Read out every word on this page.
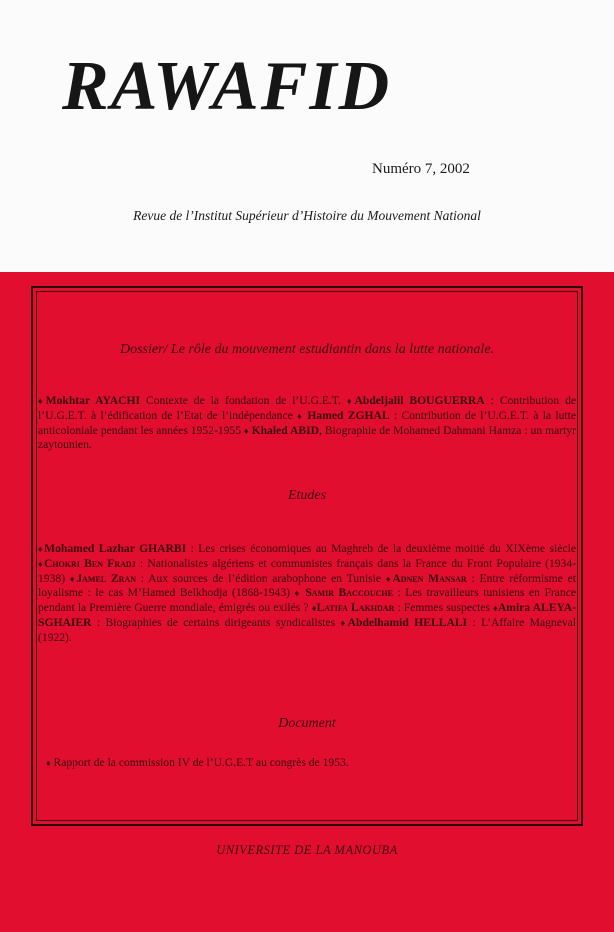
RAWAFID
Numéro 7, 2002
Revue de l’Institut Supérieur d’Histoire du Mouvement National
Dossier/ Le rôle du mouvement estudiantin dans la lutte nationale.
♦Mokhtar AYACHI Contexte de la fondation de l’U.G.E.T. ♦Abdeljalil BOUGUERRA : Contribution de l’U.G.E.T. à l’édification de l’Etat de l’indépendance ♦ Hamed ZGHAL : Contribution de l’U.G.E.T. à la lutte anticoloniale pendant les années 1952-1955 ♦ Khaled ABID, Biographie de Mohamed Dahmani Hamza : un martyr zaytounien.
Etudes
♦Mohamed Lazhar GHARBI : Les crises économiques au Maghreb de la deuxième moitié du XIXème siècle ♦Chokri Ben Fradj : Nationalistes algériens et communistes français dans la France du Front Populaire (1934-1938) ♦Jamel Zran : Aux sources de l’édition arabophone en Tunisie ♦Adnen Mansar : Entre réformisme et loyalisme : le cas M’Hamed Belkhodja (1868-1943) ♦ Samir Baccouche : Les travailleurs tunisiens en France pendant la Première Guerre mondiale, émigrés ou exilés ? ♦Latifa Lakhdar : Femmes suspectes ♦Amira ALEYA-SGHAIER : Biographies de certains dirigeants syndicalistes ♦Abdelhamid HELLALI : L’Affaire Magneval (1922).
Document
♦ Rapport de la commission IV de l’U.G.E.T au congrès de 1953.
UNIVERSITE DE LA MANOUBA
